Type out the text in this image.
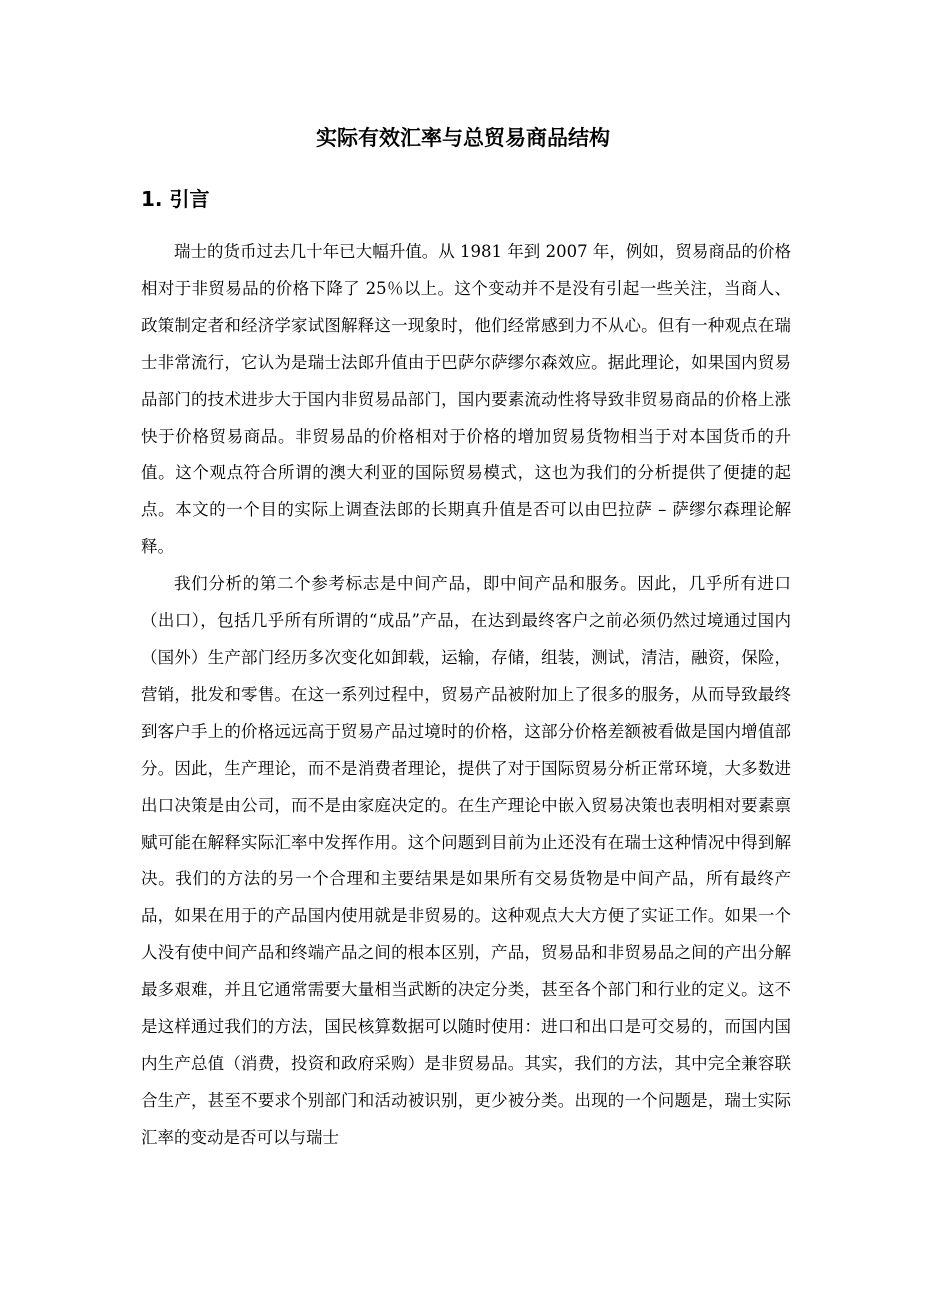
实际有效汇率与总贸易商品结构
1. 引言

瑞士的货币过去几十年已大幅升值。从 1981 年到 2007 年，例如，贸易商品的价格相对于非贸易品的价格下降了 25％以上。这个变动并不是没有引起一些关注，当商人、政策制定者和经济学家试图解释这一现象时，他们经常感到力不从心。但有一种观点在瑞士非常流行，它认为是瑞士法郎升值由于巴萨尔萨缪尔森效应。据此理论，如果国内贸易品部门的技术进步大于国内非贸易品部门，国内要素流动性将导致非贸易商品的价格上涨快于价格贸易商品。非贸易品的价格相对于价格的增加贸易货物相当于对本国货币的升值。这个观点符合所谓的澳大利亚的国际贸易模式，这也为我们的分析提供了便捷的起点。本文的一个目的实际上调查法郎的长期真升值是否可以由巴拉萨 – 萨缪尔森理论解释。

我们分析的第二个参考标志是中间产品，即中间产品和服务。因此，几乎所有进口（出口），包括几乎所有所谓的“成品”产品，在达到最终客户之前必须仍然过境通过国内（国外）生产部门经历多次变化如卸载，运输，存储，组装，测试，清洁，融资，保险，营销，批发和零售。在这一系列过程中，贸易产品被附加上了很多的服务，从而导致最终到客户手上的价格远远高于贸易产品过境时的价格，这部分价格差额被看做是国内增值部分。因此，生产理论，而不是消费者理论，提供了对于国际贸易分析正常环境，大多数进出口决策是由公司，而不是由家庭决定的。在生产理论中嵌入贸易决策也表明相对要素禀赋可能在解释实际汇率中发挥作用。这个问题到目前为止还没有在瑞士这种情况中得到解决。我们的方法的另一个合理和主要结果是如果所有交易货物是中间产品，所有最终产品，如果在用于的产品国内使用就是非贸易的。这种观点大大方便了实证工作。如果一个人没有使中间产品和终端产品之间的根本区别，产品，贸易品和非贸易品之间的产出分解最多艰难，并且它通常需要大量相当武断的决定分类，甚至各个部门和行业的定义。这不是这样通过我们的方法，国民核算数据可以随时使用：进口和出口是可交易的，而国内国内生产总值（消费，投资和政府采购）是非贸易品。其实，我们的方法，其中完全兼容联合生产，甚至不要求个别部门和活动被识别，更少被分类。出现的一个问题是，瑞士实际汇率的变动是否可以与瑞士
